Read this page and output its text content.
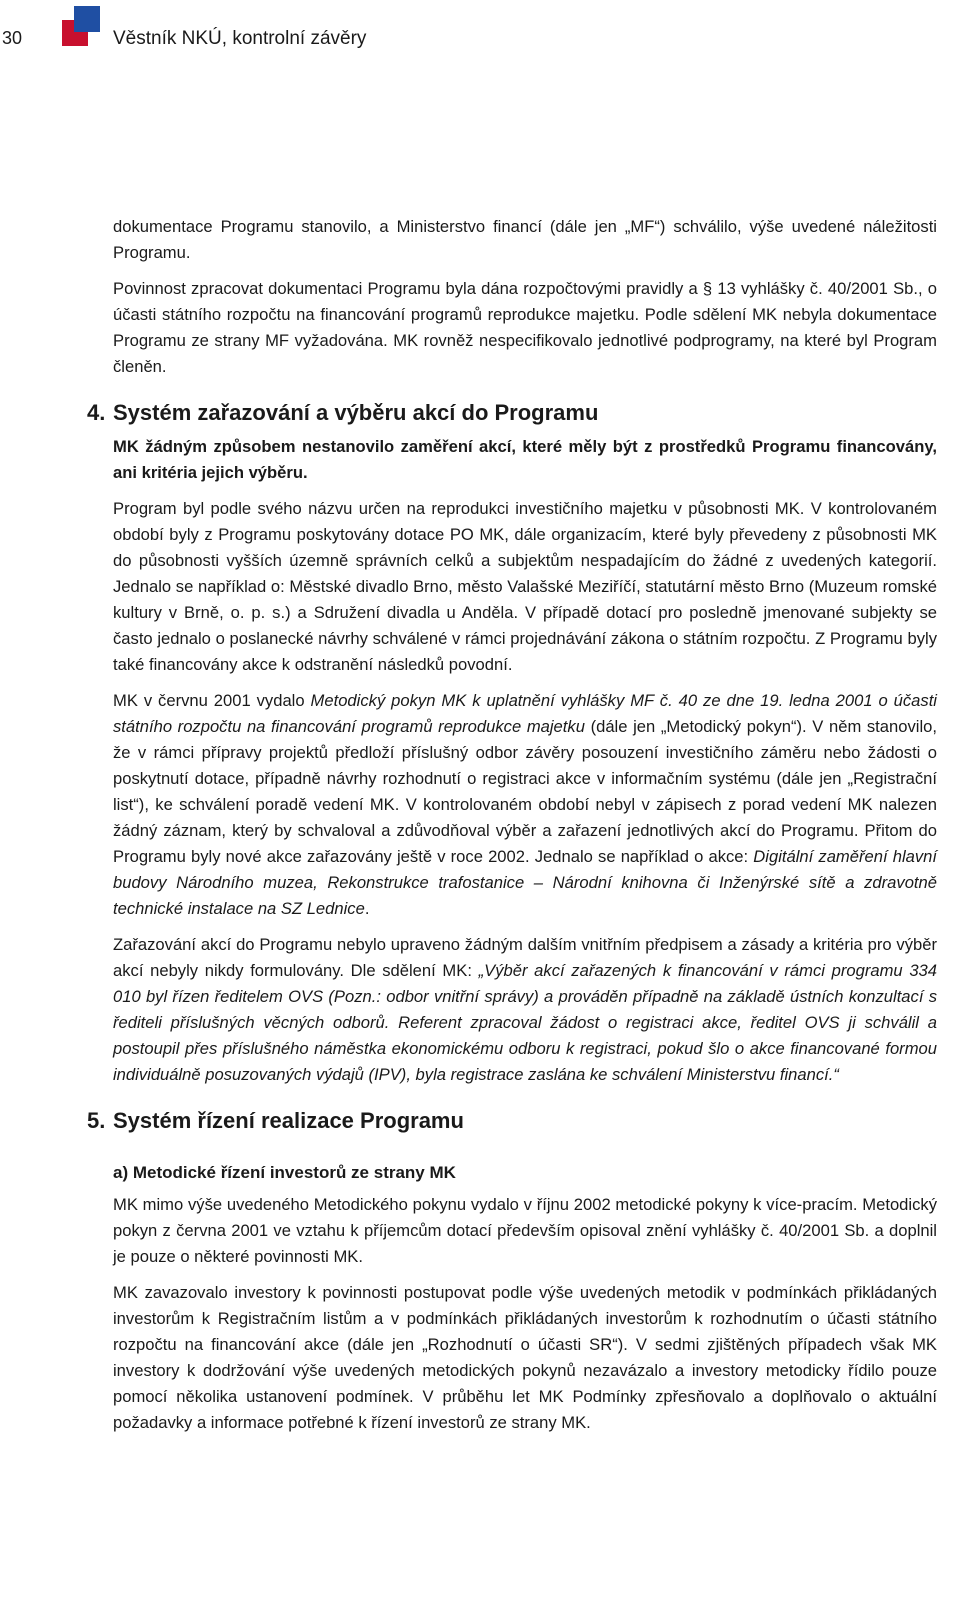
30	Věstník NKÚ, kontrolní závěry

dokumentace Programu stanovilo, a Ministerstvo financí (dále jen „MF“) schválilo, výše uvedené náležitosti Programu.

Povinnost zpracovat dokumentaci Programu byla dána rozpočtovými pravidly a § 13 vyhlášky č. 40/2001 Sb., o účasti státního rozpočtu na financování programů reprodukce majetku. Podle sdělení MK nebyla dokumentace Programu ze strany MF vyžadována. MK rovněž nespecifikovalo jednotlivé podprogramy, na které byl Program členěn.

4. Systém zařazování a výběru akcí do Programu

MK žádným způsobem nestanovilo zaměření akcí, které měly být z prostředků Programu financovány, ani kritéria jejich výběru.

Program byl podle svého názvu určen na reprodukci investičního majetku v působnosti MK. V kontrolovaném období byly z Programu poskytovány dotace PO MK, dále organizacím, které byly převedeny z působnosti MK do působnosti vyšších územně správních celků a subjektům nespadajícím do žádné z uvedených kategorií. Jednalo se například o: Městské divadlo Brno, město Valašské Meziříčí, statutární město Brno (Muzeum romské kultury v Brně, o. p. s.) a Sdružení divadla u Anděla. V případě dotací pro posledně jmenované subjekty se často jednalo o poslanecké návrhy schválené v rámci projednávání zákona o státním rozpočtu. Z Programu byly také financovány akce k odstranění následků povodní.

MK v červnu 2001 vydalo Metodický pokyn MK k uplatnění vyhlášky MF č. 40 ze dne 19. ledna 2001 o účasti státního rozpočtu na financování programů reprodukce majetku (dále jen „Metodický pokyn“). V něm stanovilo, že v rámci přípravy projektů předloží příslušný odbor závěry posouzení investičního záměru nebo žádosti o poskytnutí dotace, případně návrhy rozhodnutí o registraci akce v informačním systému (dále jen „Registrační list“), ke schválení poradě vedení MK. V kontrolovaném období nebyl v zápisech z porad vedení MK nalezen žádný záznam, který by schvaloval a zdůvodňoval výběr a zařazení jednotlivých akcí do Programu. Přitom do Programu byly nové akce zařazovány ještě v roce 2002. Jednalo se například o akce: Digitální zaměření hlavní budovy Národního muzea, Rekonstrukce trafostanice – Národní knihovna či Inženýrské sítě a zdravotně technické instalace na SZ Lednice.

Zařazování akcí do Programu nebylo upraveno žádným dalším vnitřním předpisem a zásady a kritéria pro výběr akcí nebyly nikdy formulovány. Dle sdělení MK: „Výběr akcí zařazených k financování v rámci programu 334 010 byl řízen ředitelem OVS (Pozn.: odbor vnitřní správy) a prováděn případně na základě ústních konzultací s řediteli příslušných věcných odborů. Referent zpracoval žádost o registraci akce, ředitel OVS ji schválil a postoupil přes příslušného náměstka ekonomickému odboru k registraci, pokud šlo o akce financované formou individuálně posuzovaných výdajů (IPV), byla registrace zaslána ke schválení Ministerstvu financí.“

5. Systém řízení realizace Programu
a) Metodické řízení investorů ze strany MK

MK mimo výše uvedeného Metodického pokynu vydalo v říjnu 2002 metodické pokyny k více-pracím. Metodický pokyn z června 2001 ve vztahu k příjemcům dotací především opisoval znění vyhlášky č. 40/2001 Sb. a doplnil je pouze o některé povinnosti MK.

MK zavazovalo investory k povinnosti postupovat podle výše uvedených metodik v podmínkách přikládaných investorům k Registračním listům a v podmínkách přikládaných investorům k rozhodnutím o účasti státního rozpočtu na financování akce (dále jen „Rozhodnutí o účasti SR“). V sedmi zjištěných případech však MK investory k dodržování výše uvedených metodických pokynů nezavázalo a investory metodicky řídilo pouze pomocí několika ustanovení podmínek. V průběhu let MK Podmínky zpřesňovalo a doplňovalo o aktuální požadavky a informace potřebné k řízení investorů ze strany MK.
